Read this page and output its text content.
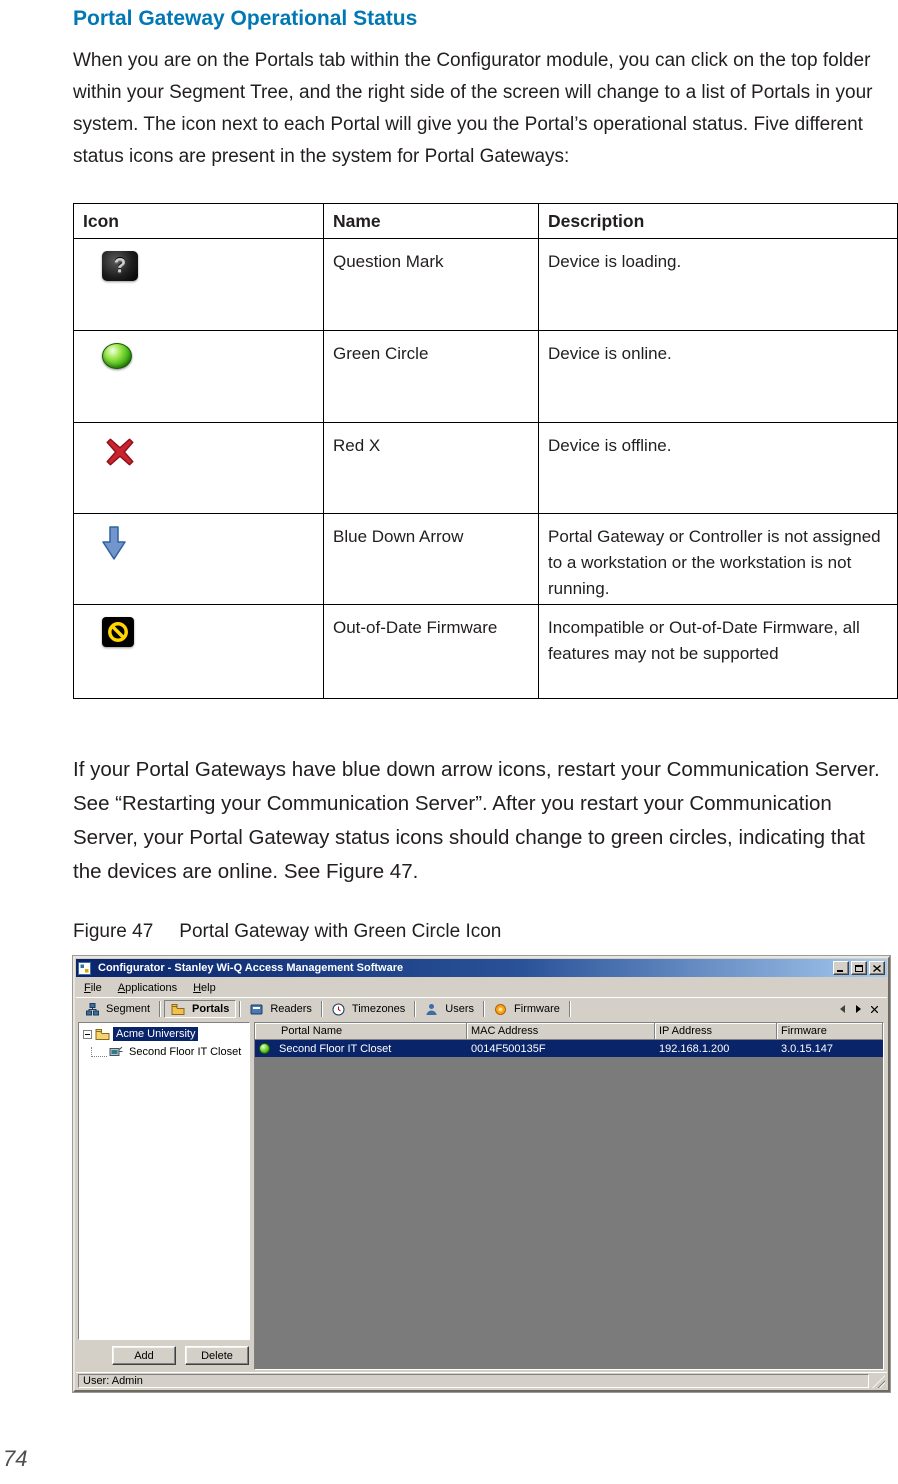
Portal Gateway Operational Status

When you are on the Portals tab within the Configurator module, you can click on the top folder within your Segment Tree, and the right side of the screen will change to a list of Portals in your system. The icon next to each Portal will give you the Portal’s operational status. Five different status icons are present in the system for Portal Gateways:

Icon	Name	Description
?	Question Mark	Device is loading.
	Green Circle	Device is online.
	Red X	Device is offline.
	Blue Down Arrow	Portal Gateway or Controller is not assigned to a workstation or the workstation is not running.

	Out-of-Date Firmware	Incompatible or Out-of-Date Firmware, all features may not be supported

If your Portal Gateways have blue down arrow icons, restart your Communication Server. See “Restarting your Communication Server”. After you restart your Communication Server, your Portal Gateway status icons should change to green circles, indicating that the devices are online. See Figure 47.

Figure 47 Portal Gateway with Green Circle Icon
Configurator - Stanley Wi-Q Access Management Software
File	Applications	Help
Segment	Portals	Readers	Timezones	Users	Firmware
Acme University
Second Floor IT Closet
Portal Name	MAC Address	IP Address	Firmware
Second Floor IT Closet	0014F500135F	192.168.1.200	3.0.15.147
Add	Delete
User: Admin
74
